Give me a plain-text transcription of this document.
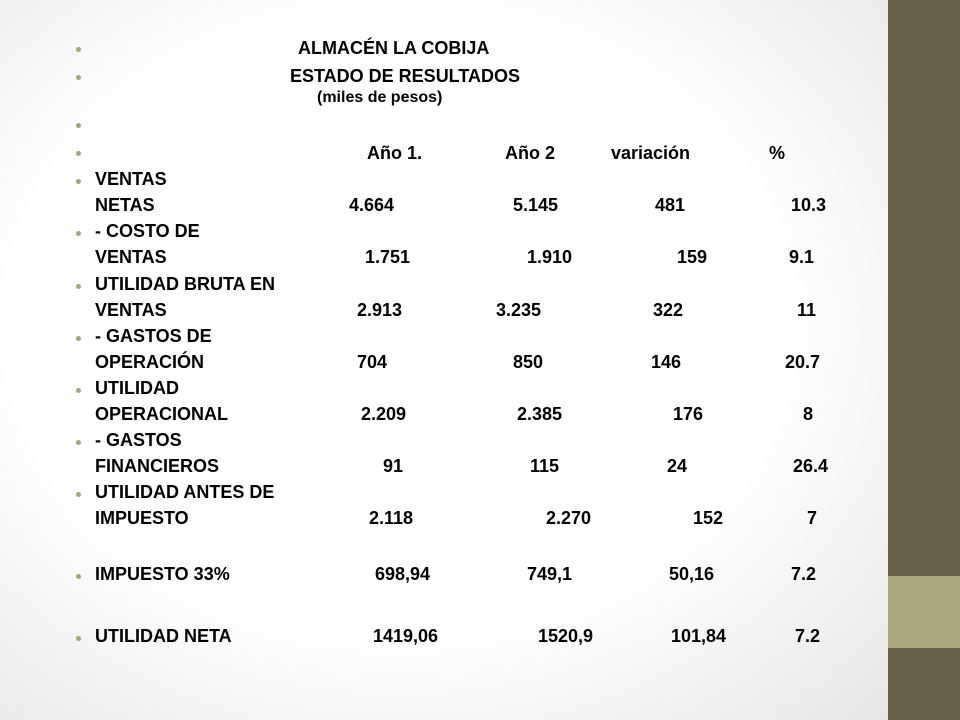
ALMACÉN LA COBIJA
ESTADO DE RESULTADOS
(miles de pesos)
Año 1.	Año 2	variación	%
VENTAS
NETAS	4.664	5.145	481	10.3
- COSTO DE
VENTAS	1.751	1.910	159	9.1
UTILIDAD BRUTA EN
VENTAS	2.913	3.235	322	11
- GASTOS DE
OPERACIÓN	704	850	146	20.7
UTILIDAD
OPERACIONAL	2.209	2.385	176	8
- GASTOS
FINANCIEROS	91	115	24	26.4
UTILIDAD ANTES DE
IMPUESTO	2.118	2.270	152	7
IMPUESTO 33%	698,94	749,1	50,16	7.2
UTILIDAD NETA	1419,06	1520,9	101,84	7.2
